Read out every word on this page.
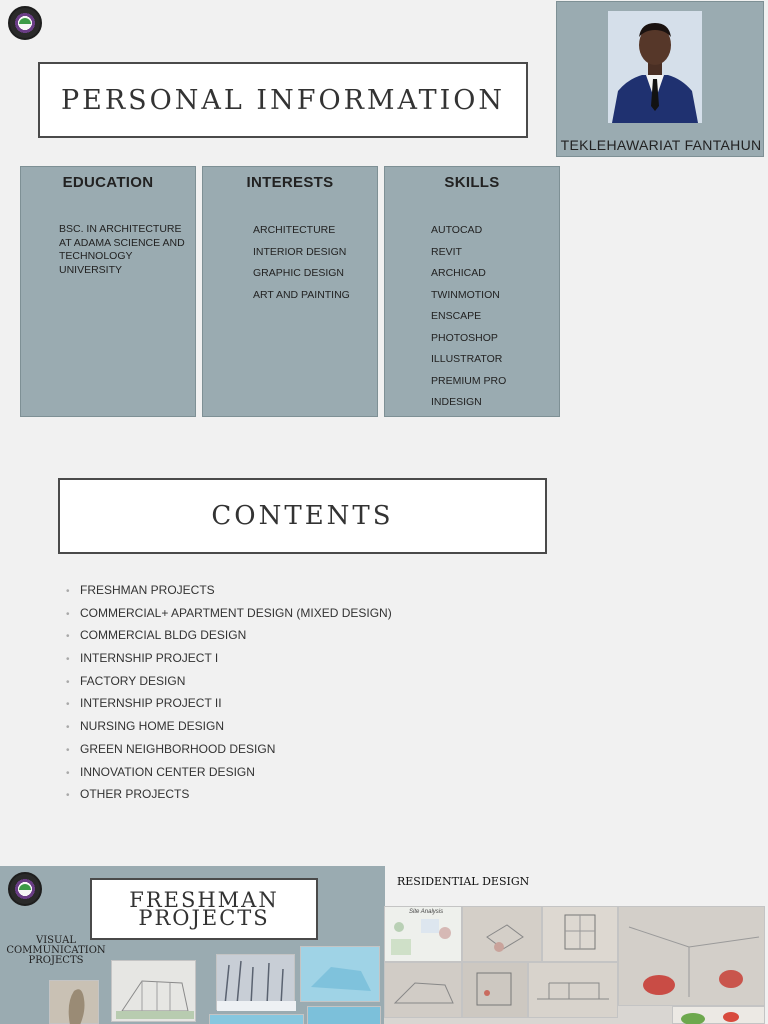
PERSONAL INFORMATION
TEKLEHAWARIAT FANTAHUN
EDUCATION
BSC. IN ARCHITECTURE
AT ADAMA SCIENCE AND
TECHNOLOGY
UNIVERSITY
INTERESTS
ARCHITECTURE
INTERIOR DESIGN
GRAPHIC DESIGN
ART AND PAINTING
SKILLS
AUTOCAD
REVIT
ARCHICAD
TWINMOTION
ENSCAPE
PHOTOSHOP
ILLUSTRATOR
PREMIUM PRO
INDESIGN
CONTENTS
• FRESHMAN PROJECTS
• COMMERCIAL+ APARTMENT DESIGN (MIXED DESIGN)
• COMMERCIAL BLDG DESIGN
• INTERNSHIP PROJECT I
• FACTORY DESIGN
• INTERNSHIP PROJECT II
• NURSING HOME DESIGN
• GREEN NEIGHBORHOOD DESIGN
• INNOVATION CENTER DESIGN
• OTHER PROJECTS
FRESHMAN
PROJECTS
VISUAL
COMMUNICATION
PROJECTS
RESIDENTIAL DESIGN
Site Analysis
